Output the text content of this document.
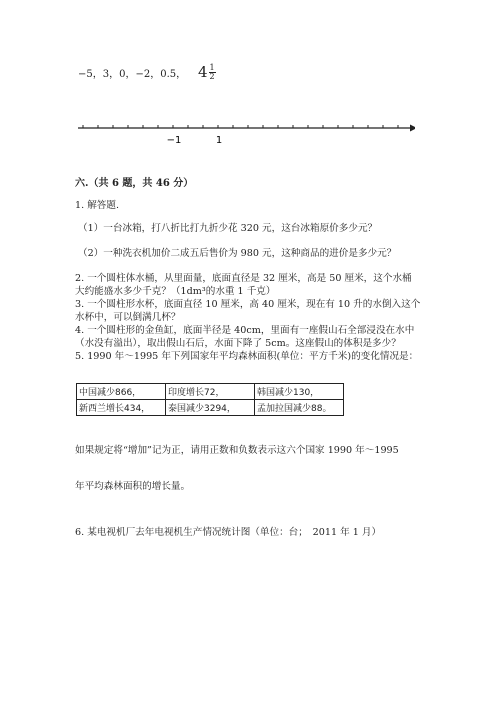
−5，3，0，−2，0.5， $4 \frac{1}{2}$
−1	1
六.（共 6 题，共 46 分）
1. 解答题.
（1）一台冰箱，打八折比打九折少花 320 元，这台冰箱原价多少元？
（2）一种洗衣机加价二成五后售价为 980 元，这种商品的进价是多少元？
2. 一个圆柱体水桶，从里面量，底面直径是 32 厘米，高是 50 厘米，这个水桶
大约能盛水多少千克？（1dm³的水重 1 千克）
3. 一个圆柱形水杯，底面直径 10 厘米，高 40 厘米，现在有 10 升的水倒入这个
水杯中，可以倒满几杯？
4. 一个圆柱形的金鱼缸，底面半径是 40cm，里面有一座假山石全部浸没在水中
（水没有溢出），取出假山石后，水面下降了 5cm。这座假山的体积是多少？
5. 1990 年～1995 年下列国家年平均森林面积(单位：平方千米)的变化情况是：
中国减少866，	印度增长72，	韩国减少130，
新西兰增长434，	泰国减少3294，	孟加拉国减少88。
如果规定将“增加”记为正，请用正数和负数表示这六个国家 1990 年～1995
年平均森林面积的增长量。
6. 某电视机厂去年电视机生产情况统计图（单位：台；　2011 年 1 月）
